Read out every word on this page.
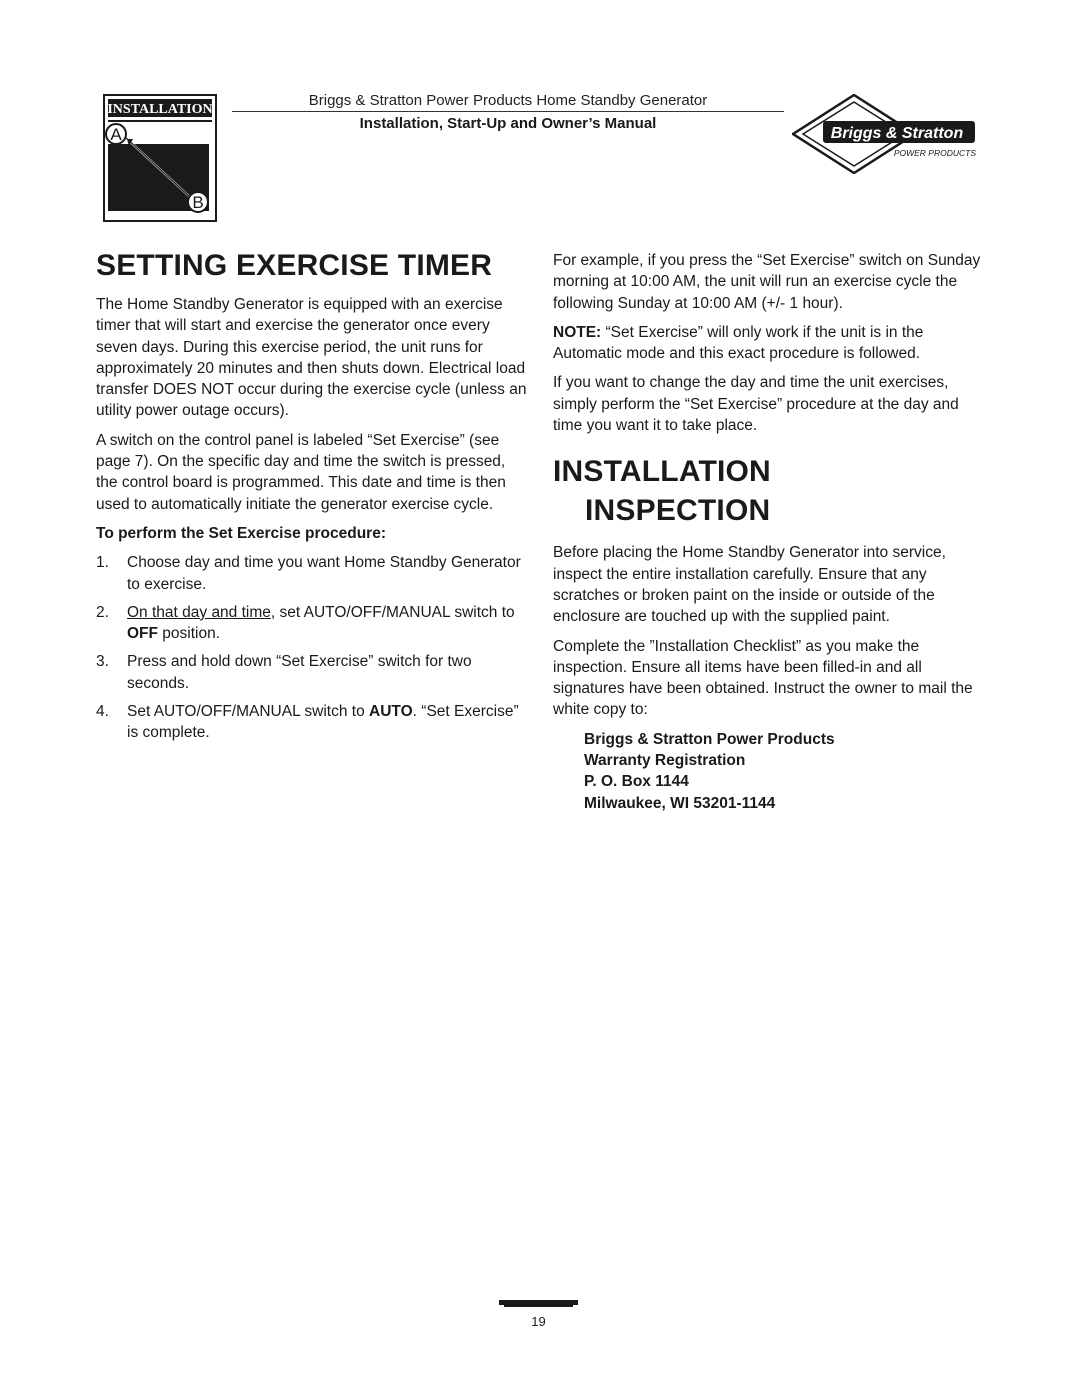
Briggs & Stratton Power Products Home Standby Generator
Installation, Start-Up and Owner’s Manual
INSTALLATION
A
B
Briggs & Stratton
POWER PRODUCTS
SETTING EXERCISE TIMER

The Home Standby Generator is equipped with an exercise timer that will start and exercise the generator once every seven days. During this exercise period, the unit runs for approximately 20 minutes and then shuts down. Electrical load transfer DOES NOT occur during the exercise cycle (unless an utility power outage occurs).

A switch on the control panel is labeled “Set Exercise” (see page 7). On the specific day and time the switch is pressed, the control board is programmed. This date and time is then used to automatically initiate the generator exercise cycle.

To perform the Set Exercise procedure:

1.	Choose day and time you want Home Standby Generator to exercise.
2.	On that day and time, set AUTO/OFF/MANUAL switch to OFF position.
3.	Press and hold down “Set Exercise” switch for two seconds.
4.	Set AUTO/OFF/MANUAL switch to AUTO. “Set Exercise” is complete.

For example, if you press the “Set Exercise” switch on Sunday morning at 10:00 AM, the unit will run an exercise cycle the following Sunday at 10:00 AM (+/- 1 hour).

NOTE: “Set Exercise” will only work if the unit is in the Automatic mode and this exact procedure is followed.

If you want to change the day and time the unit exercises, simply perform the “Set Exercise” procedure at the day and time you want it to take place.

INSTALLATION
INSPECTION

Before placing the Home Standby Generator into service, inspect the entire installation carefully. Ensure that any scratches or broken paint on the inside or outside of the enclosure are touched up with the supplied paint.

Complete the ”Installation Checklist” as you make the inspection. Ensure all items have been filled-in and all signatures have been obtained. Instruct the owner to mail the white copy to:

Briggs & Stratton Power Products
Warranty Registration
P. O. Box 1144
Milwaukee, WI 53201-1144
19
